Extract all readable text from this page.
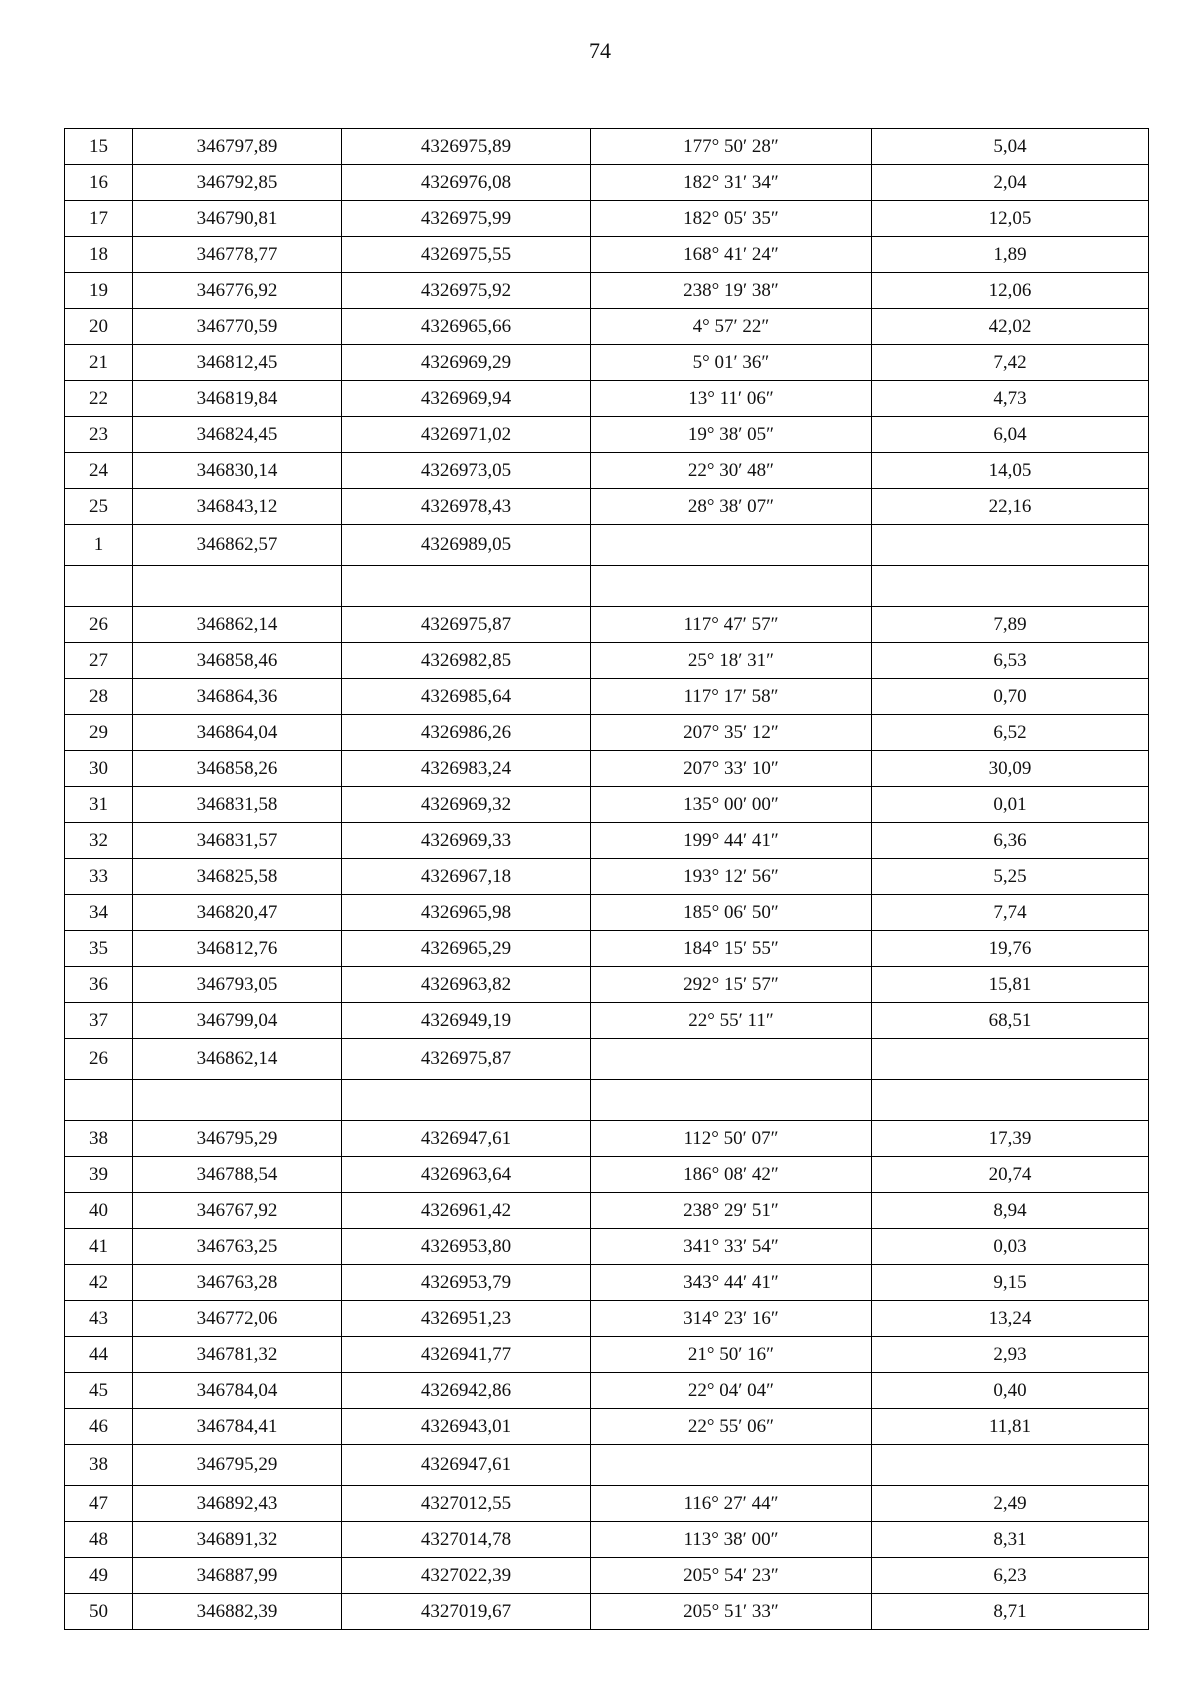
74
15	346797,89	4326975,89	177° 50′ 28″	5,04
16	346792,85	4326976,08	182° 31′ 34″	2,04
17	346790,81	4326975,99	182° 05′ 35″	12,05
18	346778,77	4326975,55	168° 41′ 24″	1,89
19	346776,92	4326975,92	238° 19′ 38″	12,06
20	346770,59	4326965,66	4° 57′ 22″	42,02
21	346812,45	4326969,29	5° 01′ 36″	7,42
22	346819,84	4326969,94	13° 11′ 06″	4,73
23	346824,45	4326971,02	19° 38′ 05″	6,04
24	346830,14	4326973,05	22° 30′ 48″	14,05
25	346843,12	4326978,43	28° 38′ 07″	22,16
1	346862,57	4326989,05		

26	346862,14	4326975,87	117° 47′ 57″	7,89
27	346858,46	4326982,85	25° 18′ 31″	6,53
28	346864,36	4326985,64	117° 17′ 58″	0,70
29	346864,04	4326986,26	207° 35′ 12″	6,52
30	346858,26	4326983,24	207° 33′ 10″	30,09
31	346831,58	4326969,32	135° 00′ 00″	0,01
32	346831,57	4326969,33	199° 44′ 41″	6,36
33	346825,58	4326967,18	193° 12′ 56″	5,25
34	346820,47	4326965,98	185° 06′ 50″	7,74
35	346812,76	4326965,29	184° 15′ 55″	19,76
36	346793,05	4326963,82	292° 15′ 57″	15,81
37	346799,04	4326949,19	22° 55′ 11″	68,51
26	346862,14	4326975,87		

38	346795,29	4326947,61	112° 50′ 07″	17,39
39	346788,54	4326963,64	186° 08′ 42″	20,74
40	346767,92	4326961,42	238° 29′ 51″	8,94
41	346763,25	4326953,80	341° 33′ 54″	0,03
42	346763,28	4326953,79	343° 44′ 41″	9,15
43	346772,06	4326951,23	314° 23′ 16″	13,24
44	346781,32	4326941,77	21° 50′ 16″	2,93
45	346784,04	4326942,86	22° 04′ 04″	0,40
46	346784,41	4326943,01	22° 55′ 06″	11,81
38	346795,29	4326947,61		
47	346892,43	4327012,55	116° 27′ 44″	2,49
48	346891,32	4327014,78	113° 38′ 00″	8,31
49	346887,99	4327022,39	205° 54′ 23″	6,23
50	346882,39	4327019,67	205° 51′ 33″	8,71
